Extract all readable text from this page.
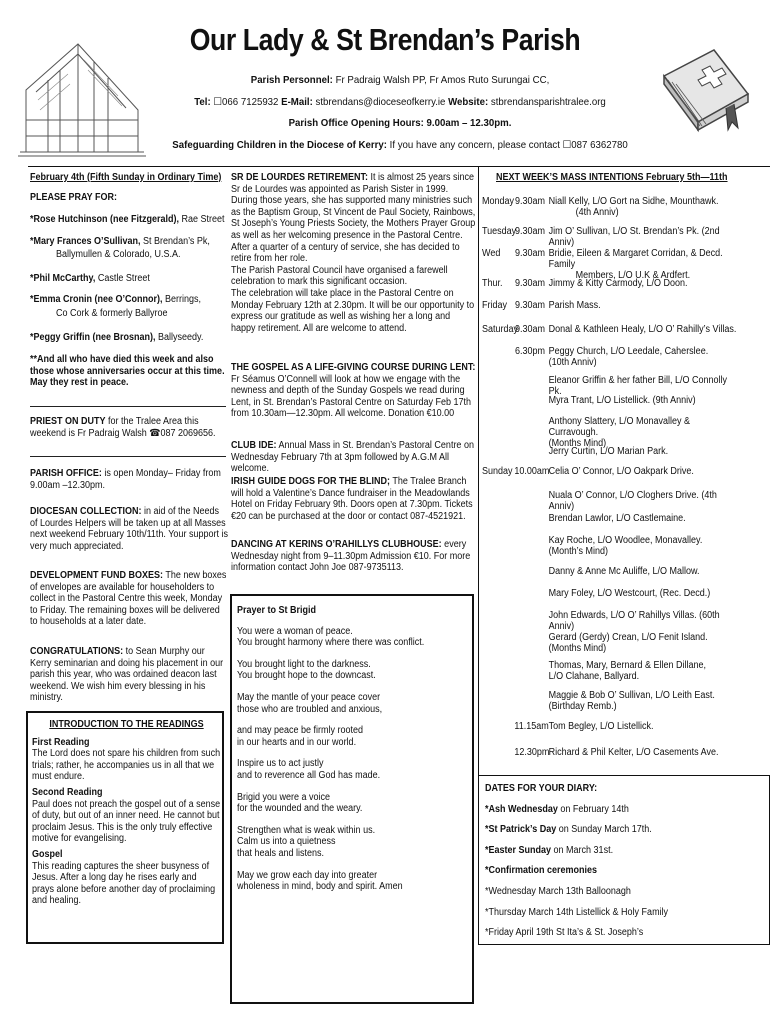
Our Lady & St Brendan’s Parish
Parish Personnel: Fr Padraig Walsh PP, Fr Amos Ruto Surungai CC,
Tel: ☐066 7125932 E-Mail: stbrendans@dioceseofkerry.ie Website: stbrendansparishtralee.org
Parish Office Opening Hours: 9.00am – 12.30pm.
Safeguarding Children in the Diocese of Kerry: If you have any concern, please contact ☐087 6362780
February 4th (Fifth Sunday in Ordinary Time)
PLEASE PRAY FOR:
*Rose Hutchinson (nee Fitzgerald), Rae Street
*Mary Frances O’Sullivan, St Brendan’s Pk,
Ballymullen & Colorado, U.S.A.
*Phil McCarthy, Castle Street
*Emma Cronin (nee O’Connor), Berrings,
Co Cork & formerly Ballyroe
*Peggy Griffin (nee Brosnan), Ballyseedy.
**And all who have died this week and also those whose anniversaries occur at this time. May they rest in peace.
PRIEST ON DUTY for the Tralee Area this weekend is Fr Padraig Walsh ☎087 2069656.
PARISH OFFICE: is open Monday– Friday from 9.00am –12.30pm.
DIOCESAN COLLECTION: in aid of the Needs of Lourdes Helpers will be taken up at all Masses next weekend February 10th/11th. Your support is very much appreciated.
DEVELOPMENT FUND BOXES: The new boxes of envelopes are available for householders to collect in the Pastoral Centre this week, Monday to Friday. The remaining boxes will be delivered to households at a later date.
CONGRATULATIONS: to Sean Murphy our Kerry seminarian and doing his placement in our parish this year, who was ordained deacon last weekend. We wish him every blessing in his ministry.
INTRODUCTION TO THE READINGS
First Reading
The Lord does not spare his children from such trials; rather, he accompanies us in all that we must endure.
Second Reading
Paul does not preach the gospel out of a sense of duty, but out of an inner need. He cannot but proclaim Jesus. This is the only truly effective motive for evangelising.
Gospel
This reading captures the sheer busyness of Jesus. After a long day he rises early and prays alone before another day of proclaiming and healing.
SR DE LOURDES RETIREMENT: It is almost 25 years since Sr de Lourdes was appointed as Parish Sister in 1999. During those years, she has supported many ministries such as the Baptism Group, St Vincent de Paul Society, Rainbows, St Joseph’s Young Priests Society, the Mothers Prayer Group as well as her welcoming presence in the Pastoral Centre. After a quarter of a century of service, she has decided to retire from her role.
The Parish Pastoral Council have organised a farewell celebration to mark this significant occasion.
The celebration will take place in the Pastoral Centre on Monday February 12th at 2.30pm. It will be our opportunity to express our gratitude as well as wishing her a long and happy retirement. All are welcome to attend.
THE GOSPEL AS A LIFE-GIVING COURSE DURING LENT: Fr Séamus O’Connell will look at how we engage with the newness and depth of the Sunday Gospels we read during Lent, in St. Brendan’s Pastoral Centre on Saturday Feb 17th from 10.30am—12.30pm. All welcome. Donation €10.00
CLUB IDE: Annual Mass in St. Brendan’s Pastoral Centre on Wednesday February 7th at 3pm followed by A.G.M All welcome.
IRISH GUIDE DOGS FOR THE BLIND; The Tralee Branch will hold a Valentine’s Dance fundraiser in the Meadowlands Hotel on Friday February 9th. Doors open at 7.30pm. Tickets €20 can be purchased at the door or contact 087-4521921.
DANCING AT KERINS O’RAHILLYS CLUBHOUSE: every Wednesday night from 9–11.30pm Admission €10. For more information contact John Joe 087-9735113.
Prayer to St Brigid
You were a woman of peace.
You brought harmony where there was conflict.
You brought light to the darkness.
You brought hope to the downcast.
May the mantle of your peace cover
those who are troubled and anxious,
and may peace be firmly rooted
in our hearts and in our world.
Inspire us to act justly
and to reverence all God has made.
Brigid you were a voice
for the wounded and the weary.
Strengthen what is weak within us.
Calm us into a quietness
that heals and listens.
May we grow each day into greater
wholeness in mind, body and spirit. Amen
NEXT WEEK’S MASS INTENTIONS February 5th—11th
Monday 9.30am Niall Kelly, L/O Gort na Sidhe, Mounthawk.
(4th Anniv)
Tuesday
9.30am Jim O’ Sullivan, L/O St. Brendan’s Pk. (2nd Anniv)
Wed	9.30am Bridie, Eileen & Margaret Corridan, & Decd. Family
Members, L/O U.K & Ardfert.
Thur.	9.30am Jimmy & Kitty Carmody, L/O Doon.
Friday 9.30am Parish Mass.
Saturday
9.30am Donal & Kathleen Healy, L/O O’ Rahilly’s Villas.
6.30pm Peggy Church, L/O Leedale, Caherslee.
(10th Anniv)
Eleanor Griffin & her father Bill, L/O Connolly Pk.
Myra Trant, L/O Listellick. (9th Anniv)
Anthony Slattery, L/O Monavalley & Curravough.
(Months Mind)
Jerry Curtin, L/O Marian Park.
Sunday 10.00am Celia O’ Connor, L/O Oakpark Drive.
Nuala O’ Connor, L/O Cloghers Drive. (4th Anniv)
Brendan Lawlor, L/O Castlemaine.
Kay Roche, L/O Woodlee, Monavalley.
(Month’s Mind)
Danny & Anne Mc Auliffe, L/O Mallow.
Mary Foley, L/O Westcourt, (Rec. Decd.)
John Edwards, L/O O’ Rahillys Villas. (60th Anniv)
Gerard (Gerdy) Crean, L/O Fenit Island.
(Months Mind)
Thomas, Mary, Bernard & Ellen Dillane,
L/O Clahane, Ballyard.
Maggie & Bob O’ Sullivan, L/O Leith East.
(Birthday Remb.)
11.15am Tom Begley, L/O Listellick.
12.30pm Richard & Phil Kelter, L/O Casements Ave.
DATES FOR YOUR DIARY:
*Ash Wednesday on February 14th
*St Patrick’s Day on Sunday March 17th.
*Easter Sunday on March 31st.
*Confirmation ceremonies
*Wednesday March 13th Balloonagh
*Thursday March 14th Listellick & Holy Family
*Friday April 19th St Ita’s & St. Joseph’s
